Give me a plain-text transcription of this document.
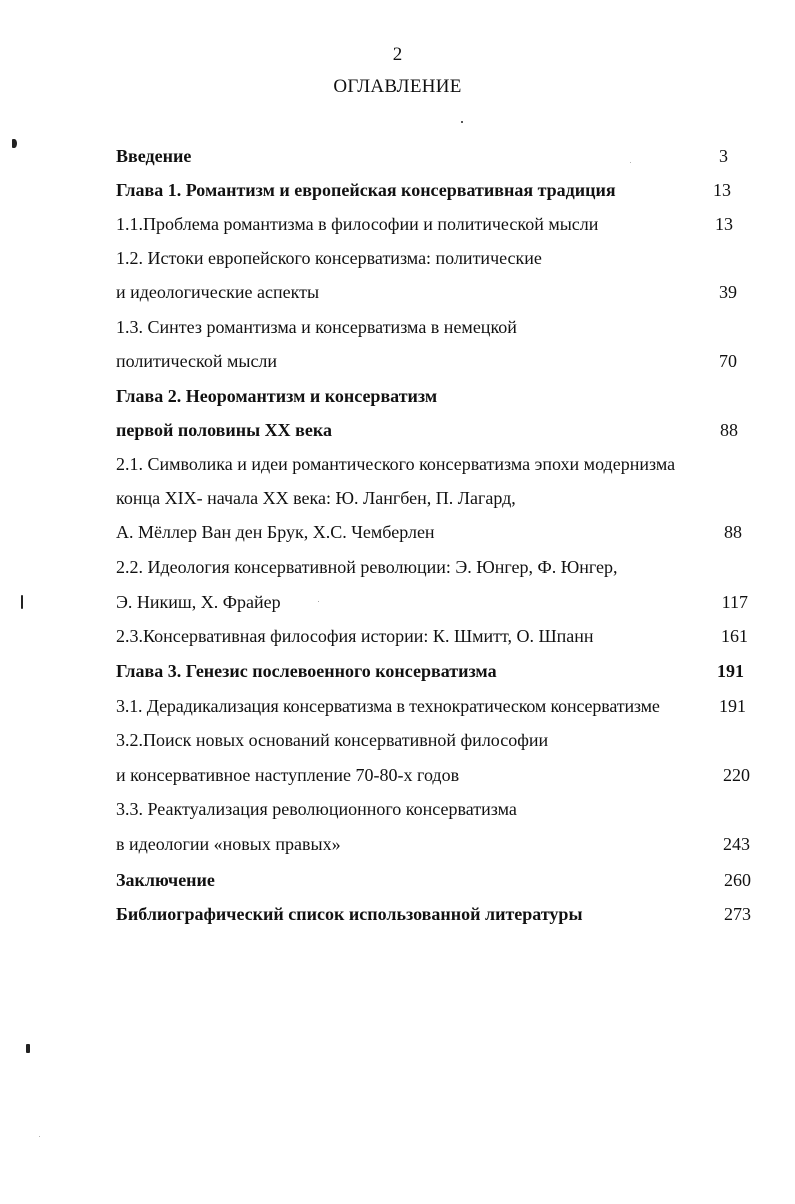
2
ОГЛАВЛЕНИЕ
Введение	3
Глава 1. Романтизм и европейская консервативная традиция	13
1.1.Проблема романтизма в философии и политической мысли	13
1.2. Истоки европейского консерватизма: политические
и идеологические аспекты	39
1.3. Синтез романтизма и консерватизма в немецкой
политической мысли	70
Глава 2. Неоромантизм и консерватизм
первой половины XX века	88
2.1. Символика и идеи романтического консерватизма эпохи модернизма
конца XIX- начала XX века: Ю. Лангбен, П. Лагард,
А. Мёллер Ван ден Брук, Х.С. Чемберлен	88
2.2. Идеология консервативной революции: Э. Юнгер, Ф. Юнгер,
Э. Никиш, Х. Фрайер	117
2.3.Консервативная философия истории: К. Шмитт, О. Шпанн	161
Глава 3. Генезис послевоенного консерватизма	191
3.1. Дерадикализация консерватизма в технократическом консерватизме	191
3.2.Поиск новых оснований консервативной философии
и консервативное наступление 70-80-х годов	220
3.3. Реактуализация революционного консерватизма
в идеологии «новых правых»	243
Заключение	260
Библиографический список использованной литературы	273
